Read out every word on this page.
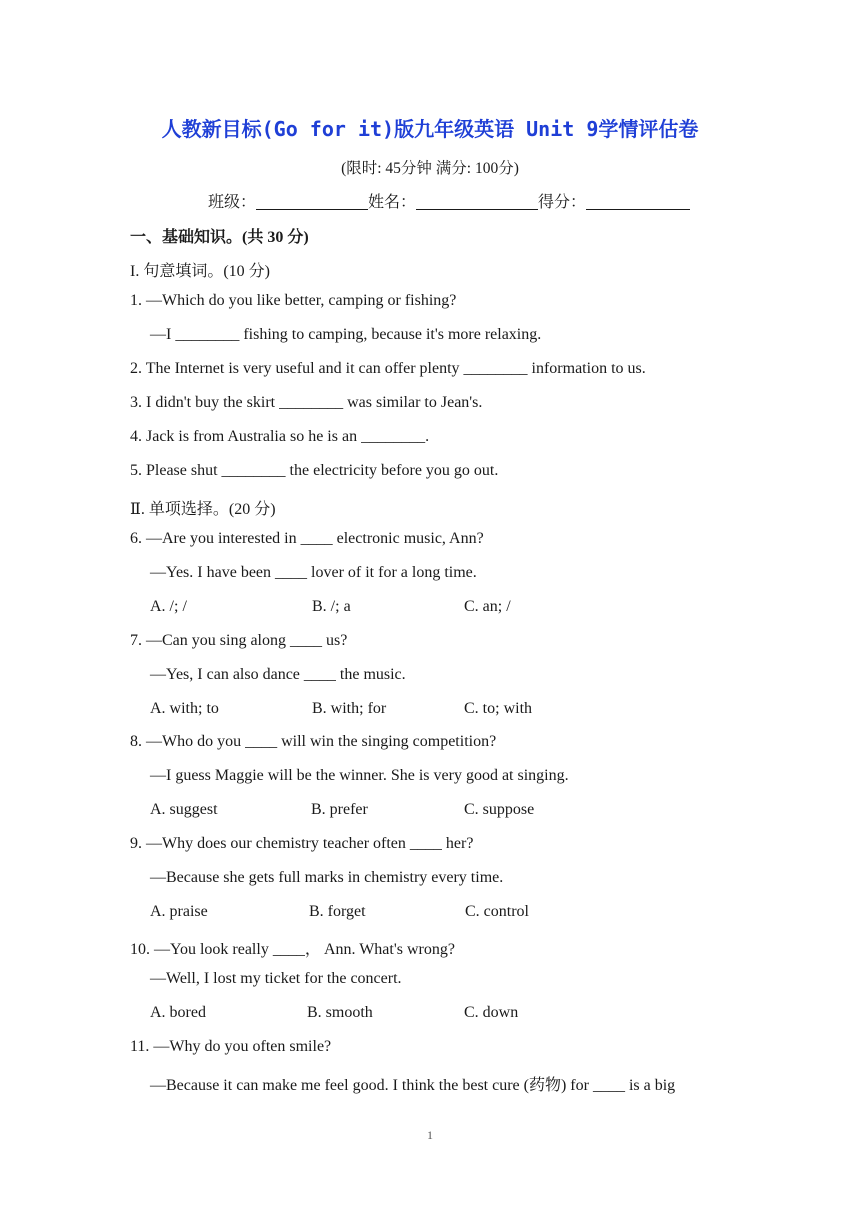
人教新目标(Go for it)版九年级英语 Unit 9学情评估卷
(限时: 45分钟 满分: 100分)
班级：	姓名：	得分：
一、基础知识。(共 30 分)
I. 句意填词。(10 分)
1. —Which do you like better, camping or fishing?
—I ________ fishing to camping, because it's more relaxing.
2. The Internet is very useful and it can offer plenty ________ information to us.
3. I didn't buy the skirt ________ was similar to Jean's.
4. Jack is from Australia so he is an ________.
5. Please shut ________ the electricity before you go out.
Ⅱ. 单项选择。(20 分)
6. —Are you interested in ____ electronic music, Ann?
—Yes. I have been ____ lover of it for a long time.
A. /; /	B. /; a	C. an; /
7. —Can you sing along ____ us?
—Yes, I can also dance ____ the music.
A. with; to	B. with; for	C. to; with
8. —Who do you ____ will win the singing competition?
—I guess Maggie will be the winner. She is very good at singing.
A. suggest	B. prefer	C. suppose
9. —Why does our chemistry teacher often ____ her?
—Because she gets full marks in chemistry every time.
A. praise	B. forget	C. control
10. —You look really ____， Ann. What's wrong?
—Well, I lost my ticket for the concert.
A. bored	B. smooth	C. down
11. —Why do you often smile?
—Because it can make me feel good. I think the best cure (药物) for ____ is a big
1
